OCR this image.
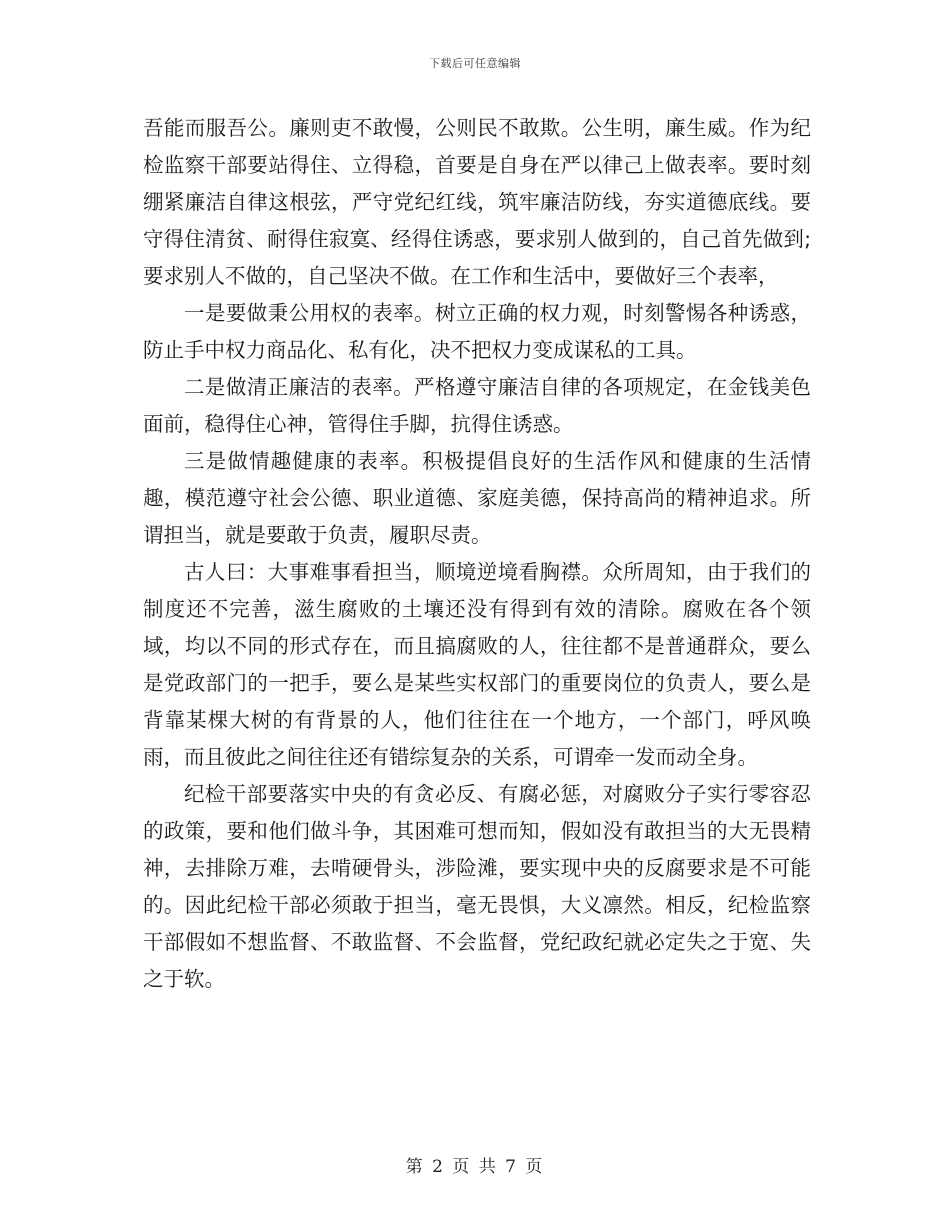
下载后可任意编辑

吾能而服吾公。廉则吏不敢慢，公则民不敢欺。公生明，廉生威。作为纪检监察干部要站得住、立得稳，首要是自身在严以律己上做表率。要时刻绷紧廉洁自律这根弦，严守党纪红线，筑牢廉洁防线，夯实道德底线。要守得住清贫、耐得住寂寞、经得住诱惑，要求别人做到的，自己首先做到;要求别人不做的，自己坚决不做。在工作和生活中，要做好三个表率，

一是要做秉公用权的表率。树立正确的权力观，时刻警惕各种诱惑，防止手中权力商品化、私有化，决不把权力变成谋私的工具。

二是做清正廉洁的表率。严格遵守廉洁自律的各项规定，在金钱美色面前，稳得住心神，管得住手脚，抗得住诱惑。

三是做情趣健康的表率。积极提倡良好的生活作风和健康的生活情趣，模范遵守社会公德、职业道德、家庭美德，保持高尚的精神追求。所谓担当，就是要敢于负责，履职尽责。

古人曰：大事难事看担当，顺境逆境看胸襟。众所周知，由于我们的制度还不完善，滋生腐败的土壤还没有得到有效的清除。腐败在各个领域，均以不同的形式存在，而且搞腐败的人，往往都不是普通群众，要么是党政部门的一把手，要么是某些实权部门的重要岗位的负责人，要么是背靠某棵大树的有背景的人，他们往往在一个地方，一个部门，呼风唤雨，而且彼此之间往往还有错综复杂的关系，可谓牵一发而动全身。

纪检干部要落实中央的有贪必反、有腐必惩，对腐败分子实行零容忍的政策，要和他们做斗争，其困难可想而知，假如没有敢担当的大无畏精神，去排除万难，去啃硬骨头，涉险滩，要实现中央的反腐要求是不可能的。因此纪检干部必须敢于担当，毫无畏惧，大义凛然。相反，纪检监察干部假如不想监督、不敢监督、不会监督，党纪政纪就必定失之于宽、失之于软。

第 2 页 共 7 页
